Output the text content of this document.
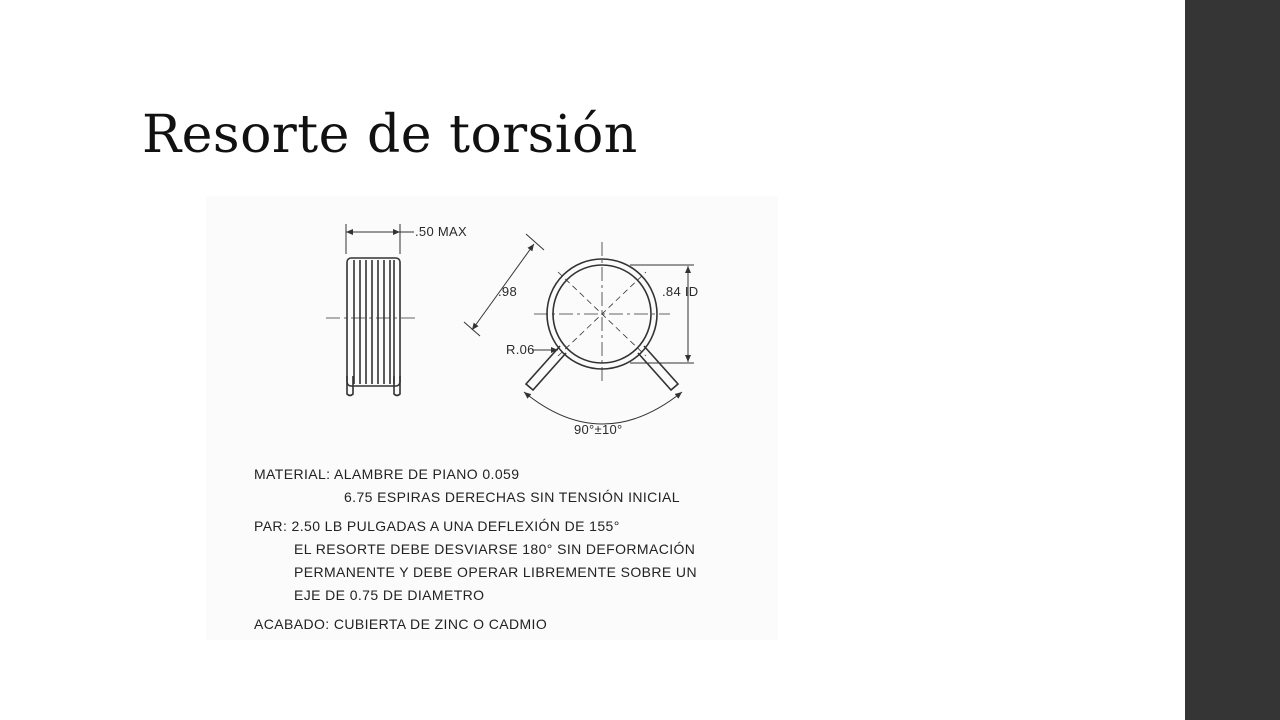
Resorte de torsión
.50 MAX
.98	.84 ID
R.06
90°±10°
MATERIAL: ALAMBRE DE PIANO 0.059
6.75 ESPIRAS DERECHAS SIN TENSIÓN INICIAL
PAR: 2.50 LB PULGADAS A UNA DEFLEXIÓN DE 155°
EL RESORTE DEBE DESVIARSE 180° SIN DEFORMACIÓN
PERMANENTE Y DEBE OPERAR LIBREMENTE SOBRE UN
EJE DE 0.75 DE DIAMETRO
ACABADO: CUBIERTA DE ZINC O CADMIO
